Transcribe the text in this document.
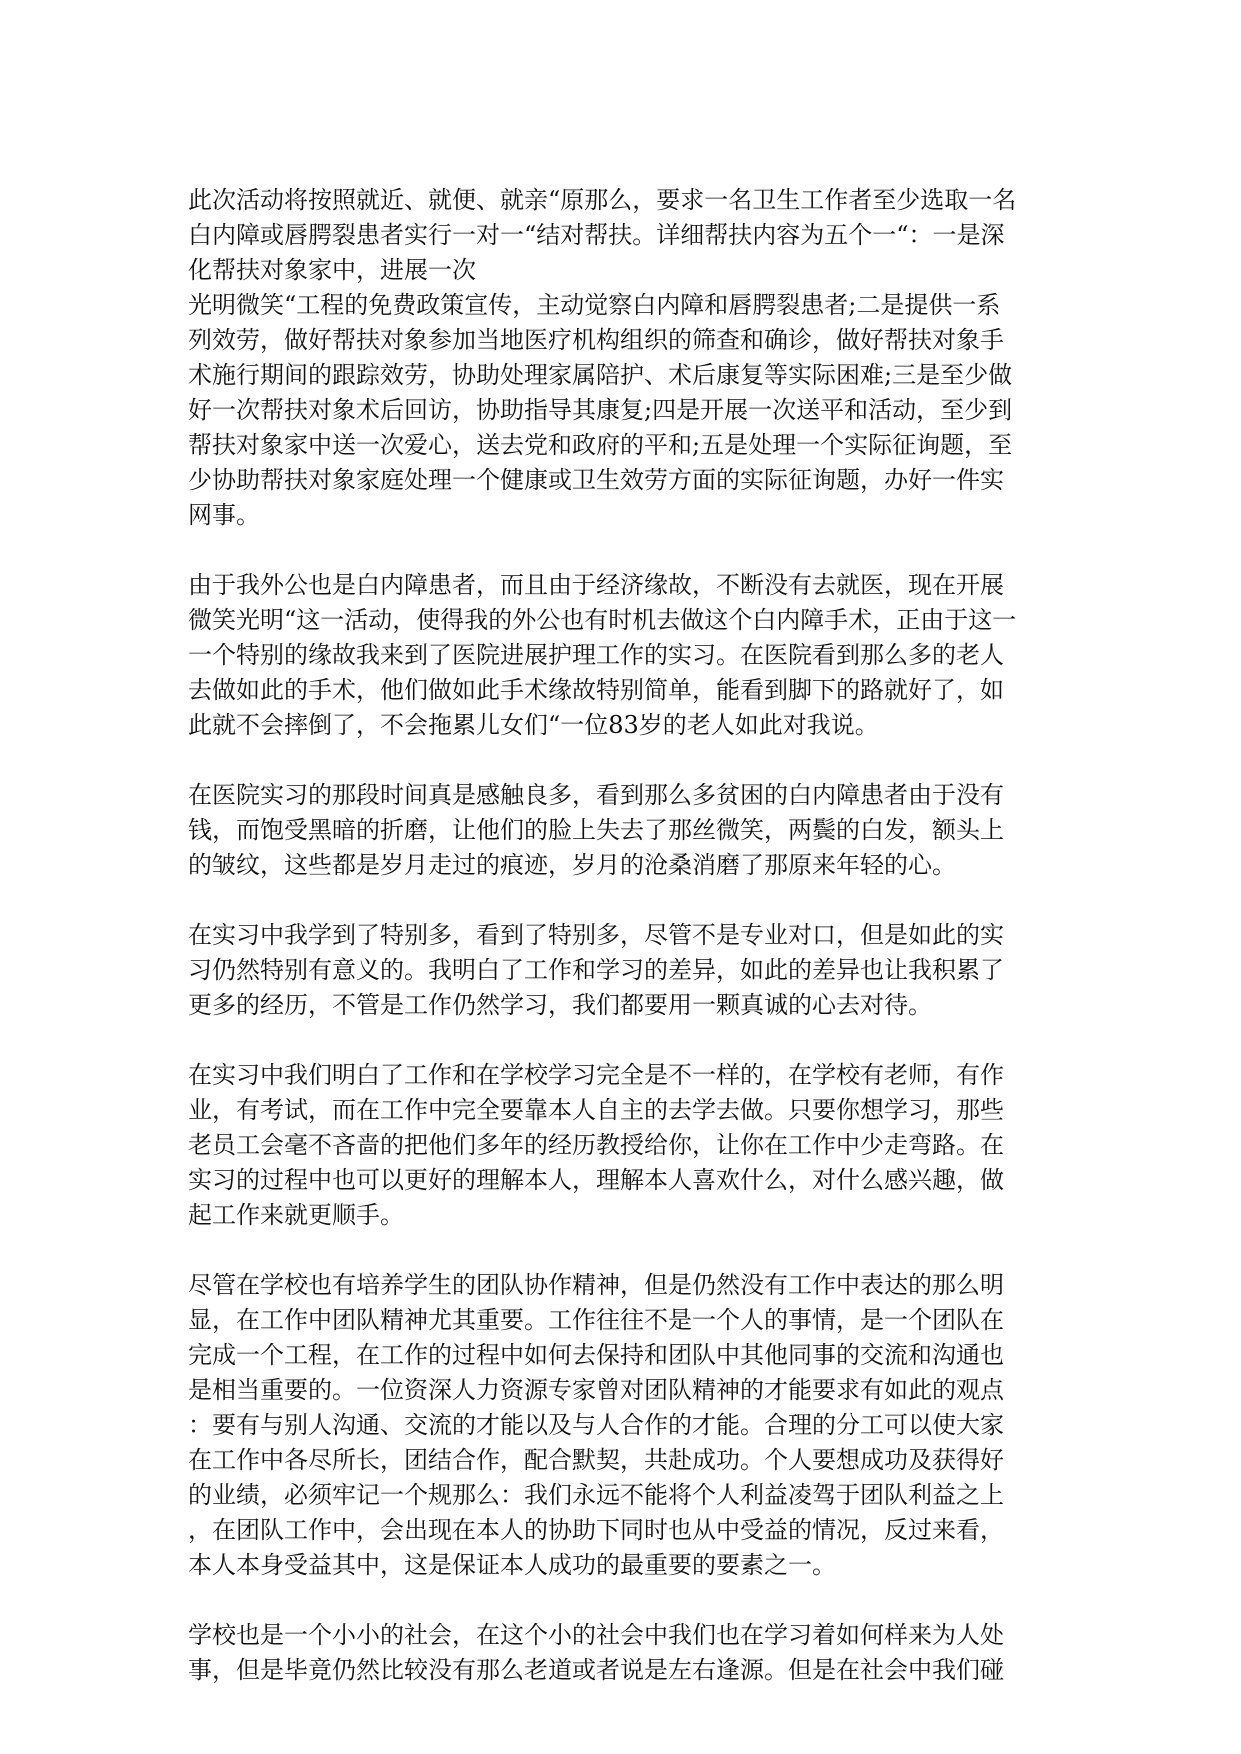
此次活动将按照就近、就便、就亲“原那么，要求一名卫生工作者至少选取一名
白内障或唇腭裂患者实行一对一“结对帮扶。详细帮扶内容为五个一“：一是深
化帮扶对象家中，进展一次
光明微笑“工程的免费政策宣传，主动觉察白内障和唇腭裂患者;二是提供一系
列效劳，做好帮扶对象参加当地医疗机构组织的筛查和确诊，做好帮扶对象手
术施行期间的跟踪效劳，协助处理家属陪护、术后康复等实际困难;三是至少做
好一次帮扶对象术后回访，协助指导其康复;四是开展一次送平和活动，至少到
帮扶对象家中送一次爱心，送去党和政府的平和;五是处理一个实际征询题，至
少协助帮扶对象家庭处理一个健康或卫生效劳方面的实际征询题，办好一件实
网事。

由于我外公也是白内障患者，而且由于经济缘故，不断没有去就医，现在开展
微笑光明“这一活动，使得我的外公也有时机去做这个白内障手术，正由于这一
一个特别的缘故我来到了医院进展护理工作的实习。在医院看到那么多的老人
去做如此的手术，他们做如此手术缘故特别简单，能看到脚下的路就好了，如
此就不会摔倒了，不会拖累儿女们“一位83岁的老人如此对我说。

在医院实习的那段时间真是感触良多，看到那么多贫困的白内障患者由于没有
钱，而饱受黑暗的折磨，让他们的脸上失去了那丝微笑，两鬓的白发，额头上
的皱纹，这些都是岁月走过的痕迹，岁月的沧桑消磨了那原来年轻的心。

在实习中我学到了特别多，看到了特别多，尽管不是专业对口，但是如此的实
习仍然特别有意义的。我明白了工作和学习的差异，如此的差异也让我积累了
更多的经历，不管是工作仍然学习，我们都要用一颗真诚的心去对待。

在实习中我们明白了工作和在学校学习完全是不一样的，在学校有老师，有作
业，有考试，而在工作中完全要靠本人自主的去学去做。只要你想学习，那些
老员工会毫不吝啬的把他们多年的经历教授给你，让你在工作中少走弯路。在
实习的过程中也可以更好的理解本人，理解本人喜欢什么，对什么感兴趣，做
起工作来就更顺手。

尽管在学校也有培养学生的团队协作精神，但是仍然没有工作中表达的那么明
显，在工作中团队精神尤其重要。工作往往不是一个人的事情，是一个团队在
完成一个工程，在工作的过程中如何去保持和团队中其他同事的交流和沟通也
是相当重要的。一位资深人力资源专家曾对团队精神的才能要求有如此的观点
：要有与别人沟通、交流的才能以及与人合作的才能。合理的分工可以使大家
在工作中各尽所长，团结合作，配合默契，共赴成功。个人要想成功及获得好
的业绩，必须牢记一个规那么：我们永远不能将个人利益凌驾于团队利益之上
，在团队工作中，会出现在本人的协助下同时也从中受益的情况，反过来看，
本人本身受益其中，这是保证本人成功的最重要的要素之一。

学校也是一个小小的社会，在这个小的社会中我们也在学习着如何样来为人处
事，但是毕竟仍然比较没有那么老道或者说是左右逢源。但是在社会中我们碰
